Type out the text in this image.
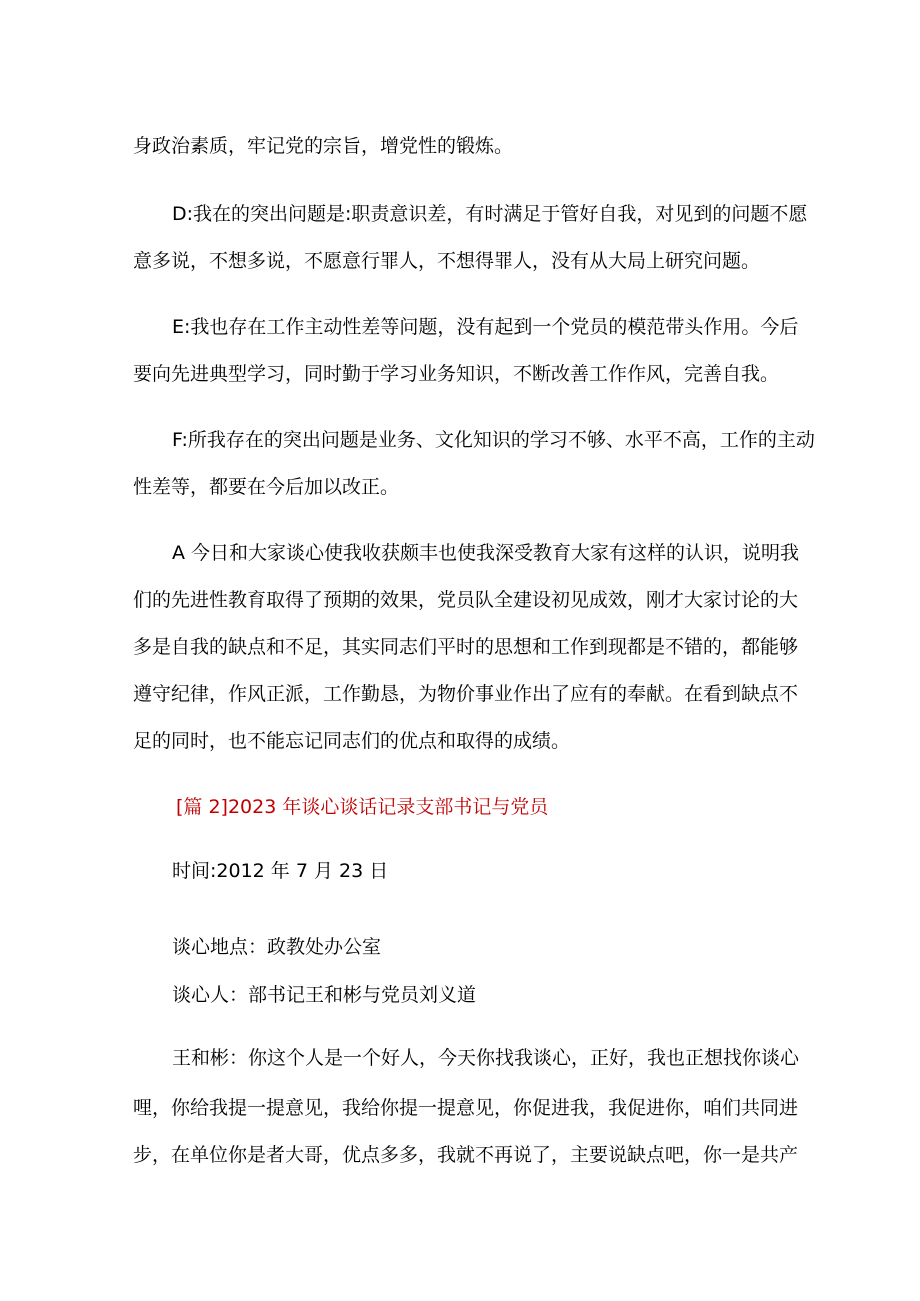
身政治素质，牢记党的宗旨，增党性的锻炼。
D:我在的突出问题是:职责意识差，有时满足于管好自我，对见到的问题不愿
意多说，不想多说，不愿意行罪人，不想得罪人，没有从大局上研究问题。
E:我也存在工作主动性差等问题，没有起到一个党员的模范带头作用。今后
要向先进典型学习，同时勤于学习业务知识，不断改善工作作风，完善自我。
F:所我存在的突出问题是业务、文化知识的学习不够、水平不高，工作的主动
性差等，都要在今后加以改正。
A 今日和大家谈心使我收获颇丰也使我深受教育大家有这样的认识，说明我
们的先进性教育取得了预期的效果，党员队全建设初见成效，刚才大家讨论的大
多是自我的缺点和不足，其实同志们平时的思想和工作到现都是不错的，都能够
遵守纪律，作风正派，工作勤恳，为物价事业作出了应有的奉献。在看到缺点不
足的同时，也不能忘记同志们的优点和取得的成绩。
[篇 2]2023 年谈心谈话记录支部书记与党员
时间:2012 年 7 月 23 日
谈心地点：政教处办公室
谈心人：部书记王和彬与党员刘义道
王和彬：你这个人是一个好人，今天你找我谈心，正好，我也正想找你谈心
哩，你给我提一提意见，我给你提一提意见，你促进我，我促进你，咱们共同进
步，在单位你是者大哥，优点多多，我就不再说了，主要说缺点吧，你一是共产
